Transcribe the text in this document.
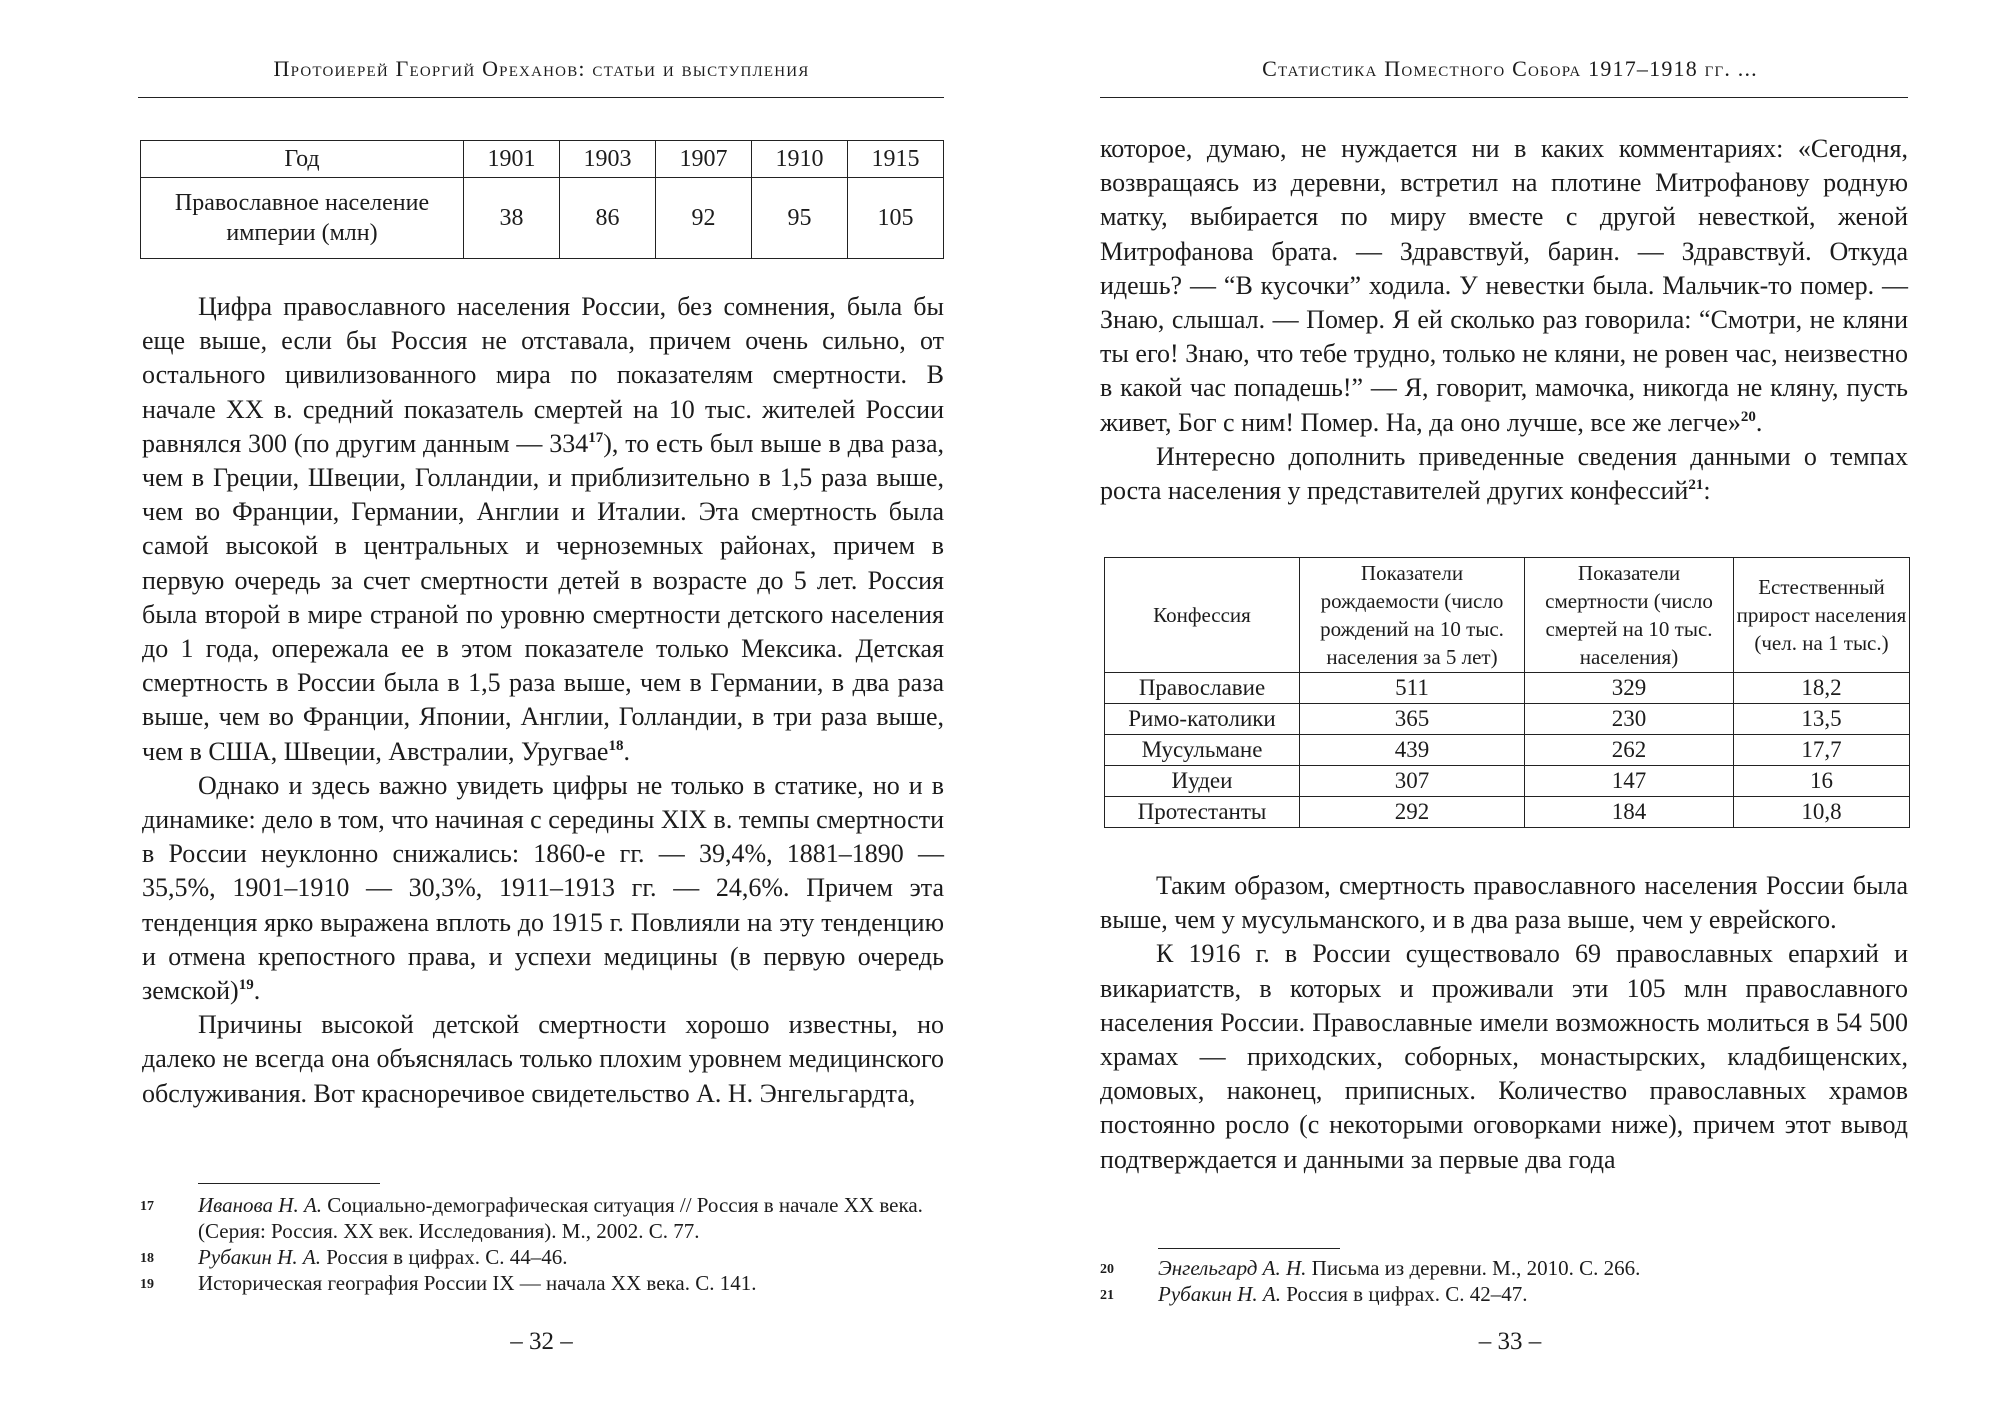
Протоиерей Георгий Ореханов: статьи и выступления
Год	1901	1903	1907	1910	1915
Православное население империи (млн)	38	86	92	95	105

Цифра православного населения России, без сомнения, была бы еще выше, если бы Россия не отставала, причем очень сильно, от остального цивилизованного мира по показателям смертности. В начале XX в. средний показатель смертей на 10 тыс. жителей России равнялся 300 (по другим данным — $334^{17}$), то есть был выше в два раза, чем в Греции, Швеции, Голландии, и приблизительно в 1,5 раза выше, чем во Франции, Германии, Англии и Италии. Эта смертность была самой высокой в центральных и черноземных районах, причем в первую очередь за счет смертности детей в возрасте до 5 лет. Россия была второй в мире страной по уровню смертности детского населения до 1 года, опережала ее в этом показателе только Мексика. Детская смертность в России была в 1,5 раза выше, чем в Германии, в два раза выше, чем во Франции, Японии, Англии, Голландии, в три раза выше, чем в США, Швеции, Австралии, Уругвае$^{18}$.

Однако и здесь важно увидеть цифры не только в статике, но и в динамике: дело в том, что начиная с середины XIX в. темпы смертности в России неуклонно снижались: 1860-е гг. — 39,4%, 1881–1890 — 35,5%, 1901–1910 — 30,3%, 1911–1913 гг. — 24,6%. Причем эта тенденция ярко выражена вплоть до 1915 г. Повлияли на эту тенденцию и отмена крепостного права, и успехи медицины (в первую очередь земской)$^{19}$.

Причины высокой детской смертности хорошо известны, но далеко не всегда она объяснялась только плохим уровнем медицинского обслуживания. Вот красноречивое свидетельство А. Н. Энгельгардта,

17 Иванова Н. А. Социально-демографическая ситуация // Россия в начале XX века. (Серия: Россия. XX век. Исследования). М., 2002. С. 77.
18 Рубакин Н. А. Россия в цифрах. С. 44–46.
19 Историческая география России IX — начала XX века. С. 141.
– 32 –
Статистика Поместного Собора 1917–1918 гг. ...

которое, думаю, не нуждается ни в каких комментариях: «Сегодня, возвращаясь из деревни, встретил на плотине Митрофанову родную матку, выбирается по миру вместе с другой невесткой, женой Митрофанова брата. — Здравствуй, барин. — Здравствуй. Откуда идешь? — “В кусочки” ходила. У невестки была. Мальчик-то помер. — Знаю, слышал. — Помер. Я ей сколько раз говорила: “Смотри, не кляни ты его! Знаю, что тебе трудно, только не кляни, не ровен час, неизвестно в какой час попадешь!” — Я, говорит, мамочка, никогда не кляну, пусть живет, Бог с ним! Помер. На, да оно лучше, все же легче»$^{20}$.

Интересно дополнить приведенные сведения данными о темпах роста населения у представителей других конфессий$^{21}$:

Конфессия	Показатели рождаемости (число рождений на 10 тыс. населения за 5 лет)	Показатели смертности (число смертей на 10 тыс. населения)	Естественный прирост населения (чел. на 1 тыс.)
Православие	511	329	18,2
Римо-католики	365	230	13,5
Мусульмане	439	262	17,7
Иудеи	307	147	16
Протестанты	292	184	10,8

Таким образом, смертность православного населения России была выше, чем у мусульманского, и в два раза выше, чем у еврейского.

К 1916 г. в России существовало 69 православных епархий и викариатств, в которых и проживали эти 105 млн православного населения России. Православные имели возможность молиться в 54 500 храмах — приходских, соборных, монастырских, кладбищенских, домовых, наконец, приписных. Количество православных храмов постоянно росло (с некоторыми оговорками ниже), причем этот вывод подтверждается и данными за первые два года

20 Энгельгард А. Н. Письма из деревни. М., 2010. С. 266.
21 Рубакин Н. А. Россия в цифрах. С. 42–47.
– 33 –
